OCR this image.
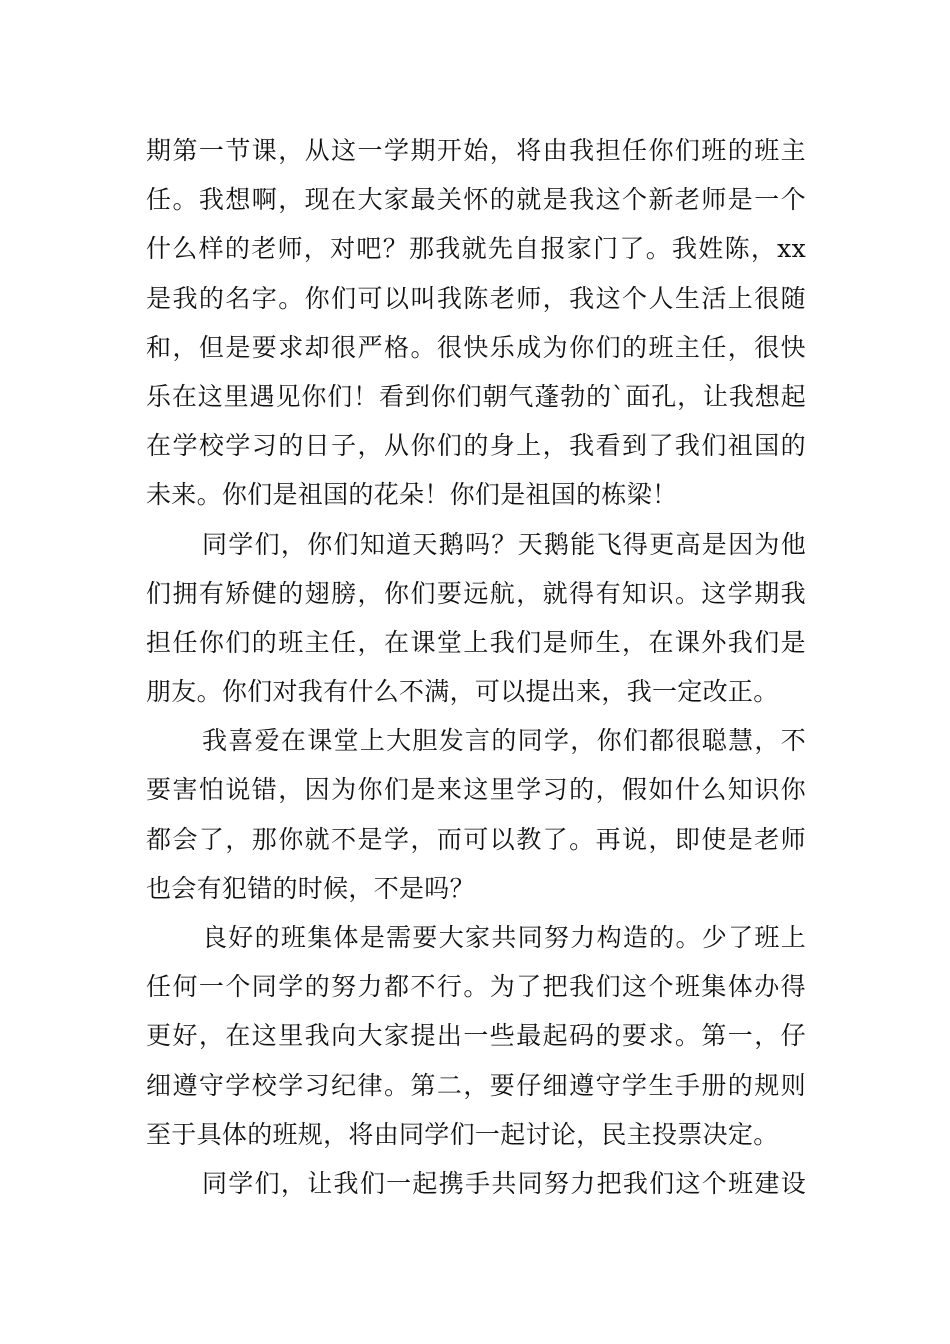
期第一节课，从这一学期开始，将由我担任你们班的班主
任。我想啊，现在大家最关怀的就是我这个新老师是一个
什么样的老师，对吧？那我就先自报家门了。我姓陈，xx
是我的名字。你们可以叫我陈老师，我这个人生活上很随
和，但是要求却很严格。很快乐成为你们的班主任，很快
乐在这里遇见你们！看到你们朝气蓬勃的`面孔，让我想起
在学校学习的日子，从你们的身上，我看到了我们祖国的
未来。你们是祖国的花朵！你们是祖国的栋梁！
同学们，你们知道天鹅吗？天鹅能飞得更高是因为他
们拥有矫健的翅膀，你们要远航，就得有知识。这学期我
担任你们的班主任，在课堂上我们是师生，在课外我们是
朋友。你们对我有什么不满，可以提出来，我一定改正。
我喜爱在课堂上大胆发言的同学，你们都很聪慧，不
要害怕说错，因为你们是来这里学习的，假如什么知识你
都会了，那你就不是学，而可以教了。再说，即使是老师
也会有犯错的时候，不是吗？
良好的班集体是需要大家共同努力构造的。少了班上
任何一个同学的努力都不行。为了把我们这个班集体办得
更好，在这里我向大家提出一些最起码的要求。第一，仔
细遵守学校学习纪律。第二，要仔细遵守学生手册的规则
至于具体的班规，将由同学们一起讨论，民主投票决定。
同学们，让我们一起携手共同努力把我们这个班建设
